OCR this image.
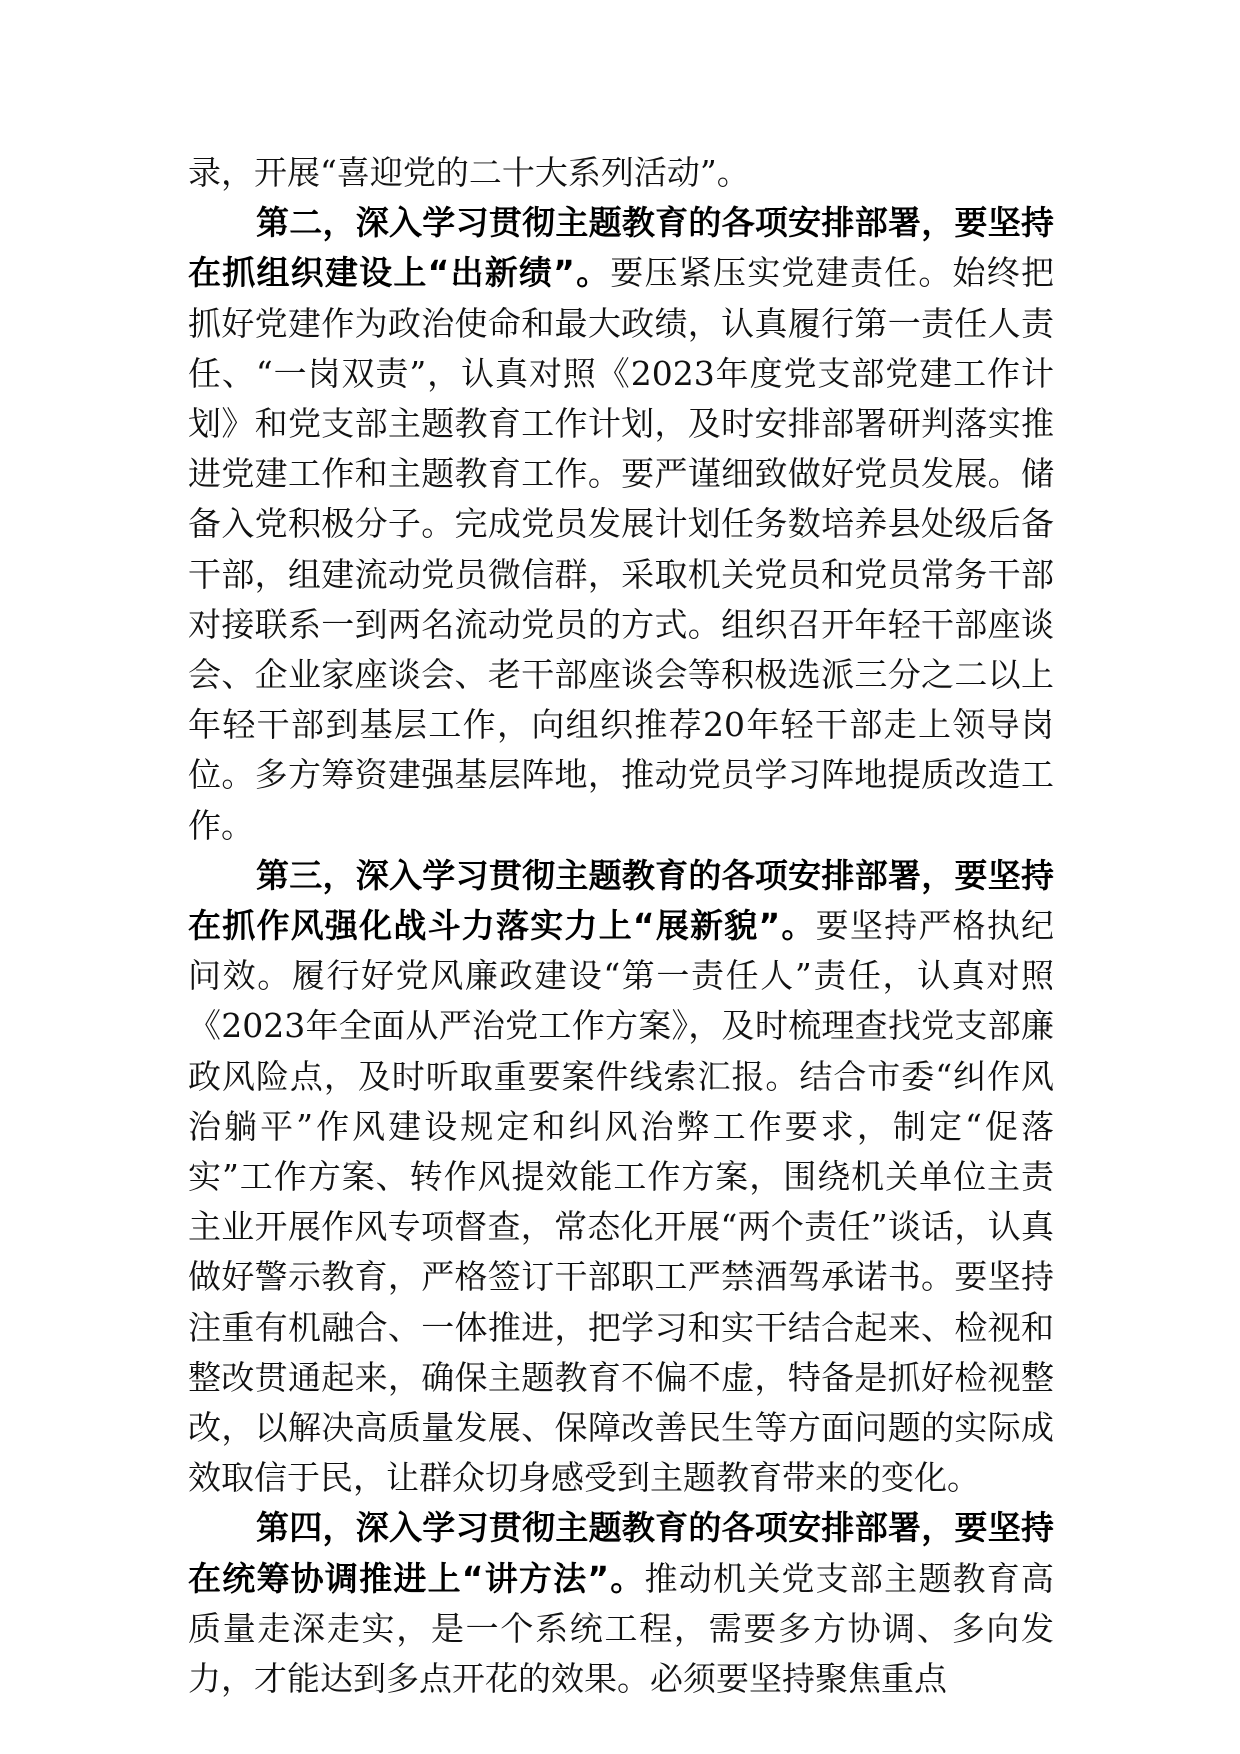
录，开展“喜迎党的二十大系列活动”。

第二，深入学习贯彻主题教育的各项安排部署，要坚持在抓组织建设上“出新绩”。要压紧压实党建责任。始终把抓好党建作为政治使命和最大政绩，认真履行第一责任人责任、“一岗双责”，认真对照《2023年度党支部党建工作计划》和党支部主题教育工作计划，及时安排部署研判落实推进党建工作和主题教育工作。要严谨细致做好党员发展。储备入党积极分子。完成党员发展计划任务数培养县处级后备干部，组建流动党员微信群，采取机关党员和党员常务干部对接联系一到两名流动党员的方式。组织召开年轻干部座谈会、企业家座谈会、老干部座谈会等积极选派三分之二以上年轻干部到基层工作，向组织推荐20年轻干部走上领导岗位。多方筹资建强基层阵地，推动党员学习阵地提质改造工作。

第三，深入学习贯彻主题教育的各项安排部署，要坚持在抓作风强化战斗力落实力上“展新貌”。要坚持严格执纪问效。履行好党风廉政建设“第一责任人”责任，认真对照《2023年全面从严治党工作方案》，及时梳理查找党支部廉政风险点，及时听取重要案件线索汇报。结合市委“纠作风治躺平”作风建设规定和纠风治弊工作要求，制定“促落实”工作方案、转作风提效能工作方案，围绕机关单位主责主业开展作风专项督查，常态化开展“两个责任”谈话，认真做好警示教育，严格签订干部职工严禁酒驾承诺书。要坚持注重有机融合、一体推进，把学习和实干结合起来、检视和整改贯通起来，确保主题教育不偏不虚，特备是抓好检视整改，以解决高质量发展、保障改善民生等方面问题的实际成效取信于民，让群众切身感受到主题教育带来的变化。

第四，深入学习贯彻主题教育的各项安排部署，要坚持在统筹协调推进上“讲方法”。推动机关党支部主题教育高质量走深走实，是一个系统工程，需要多方协调、多向发力，才能达到多点开花的效果。必须要坚持聚焦重点
